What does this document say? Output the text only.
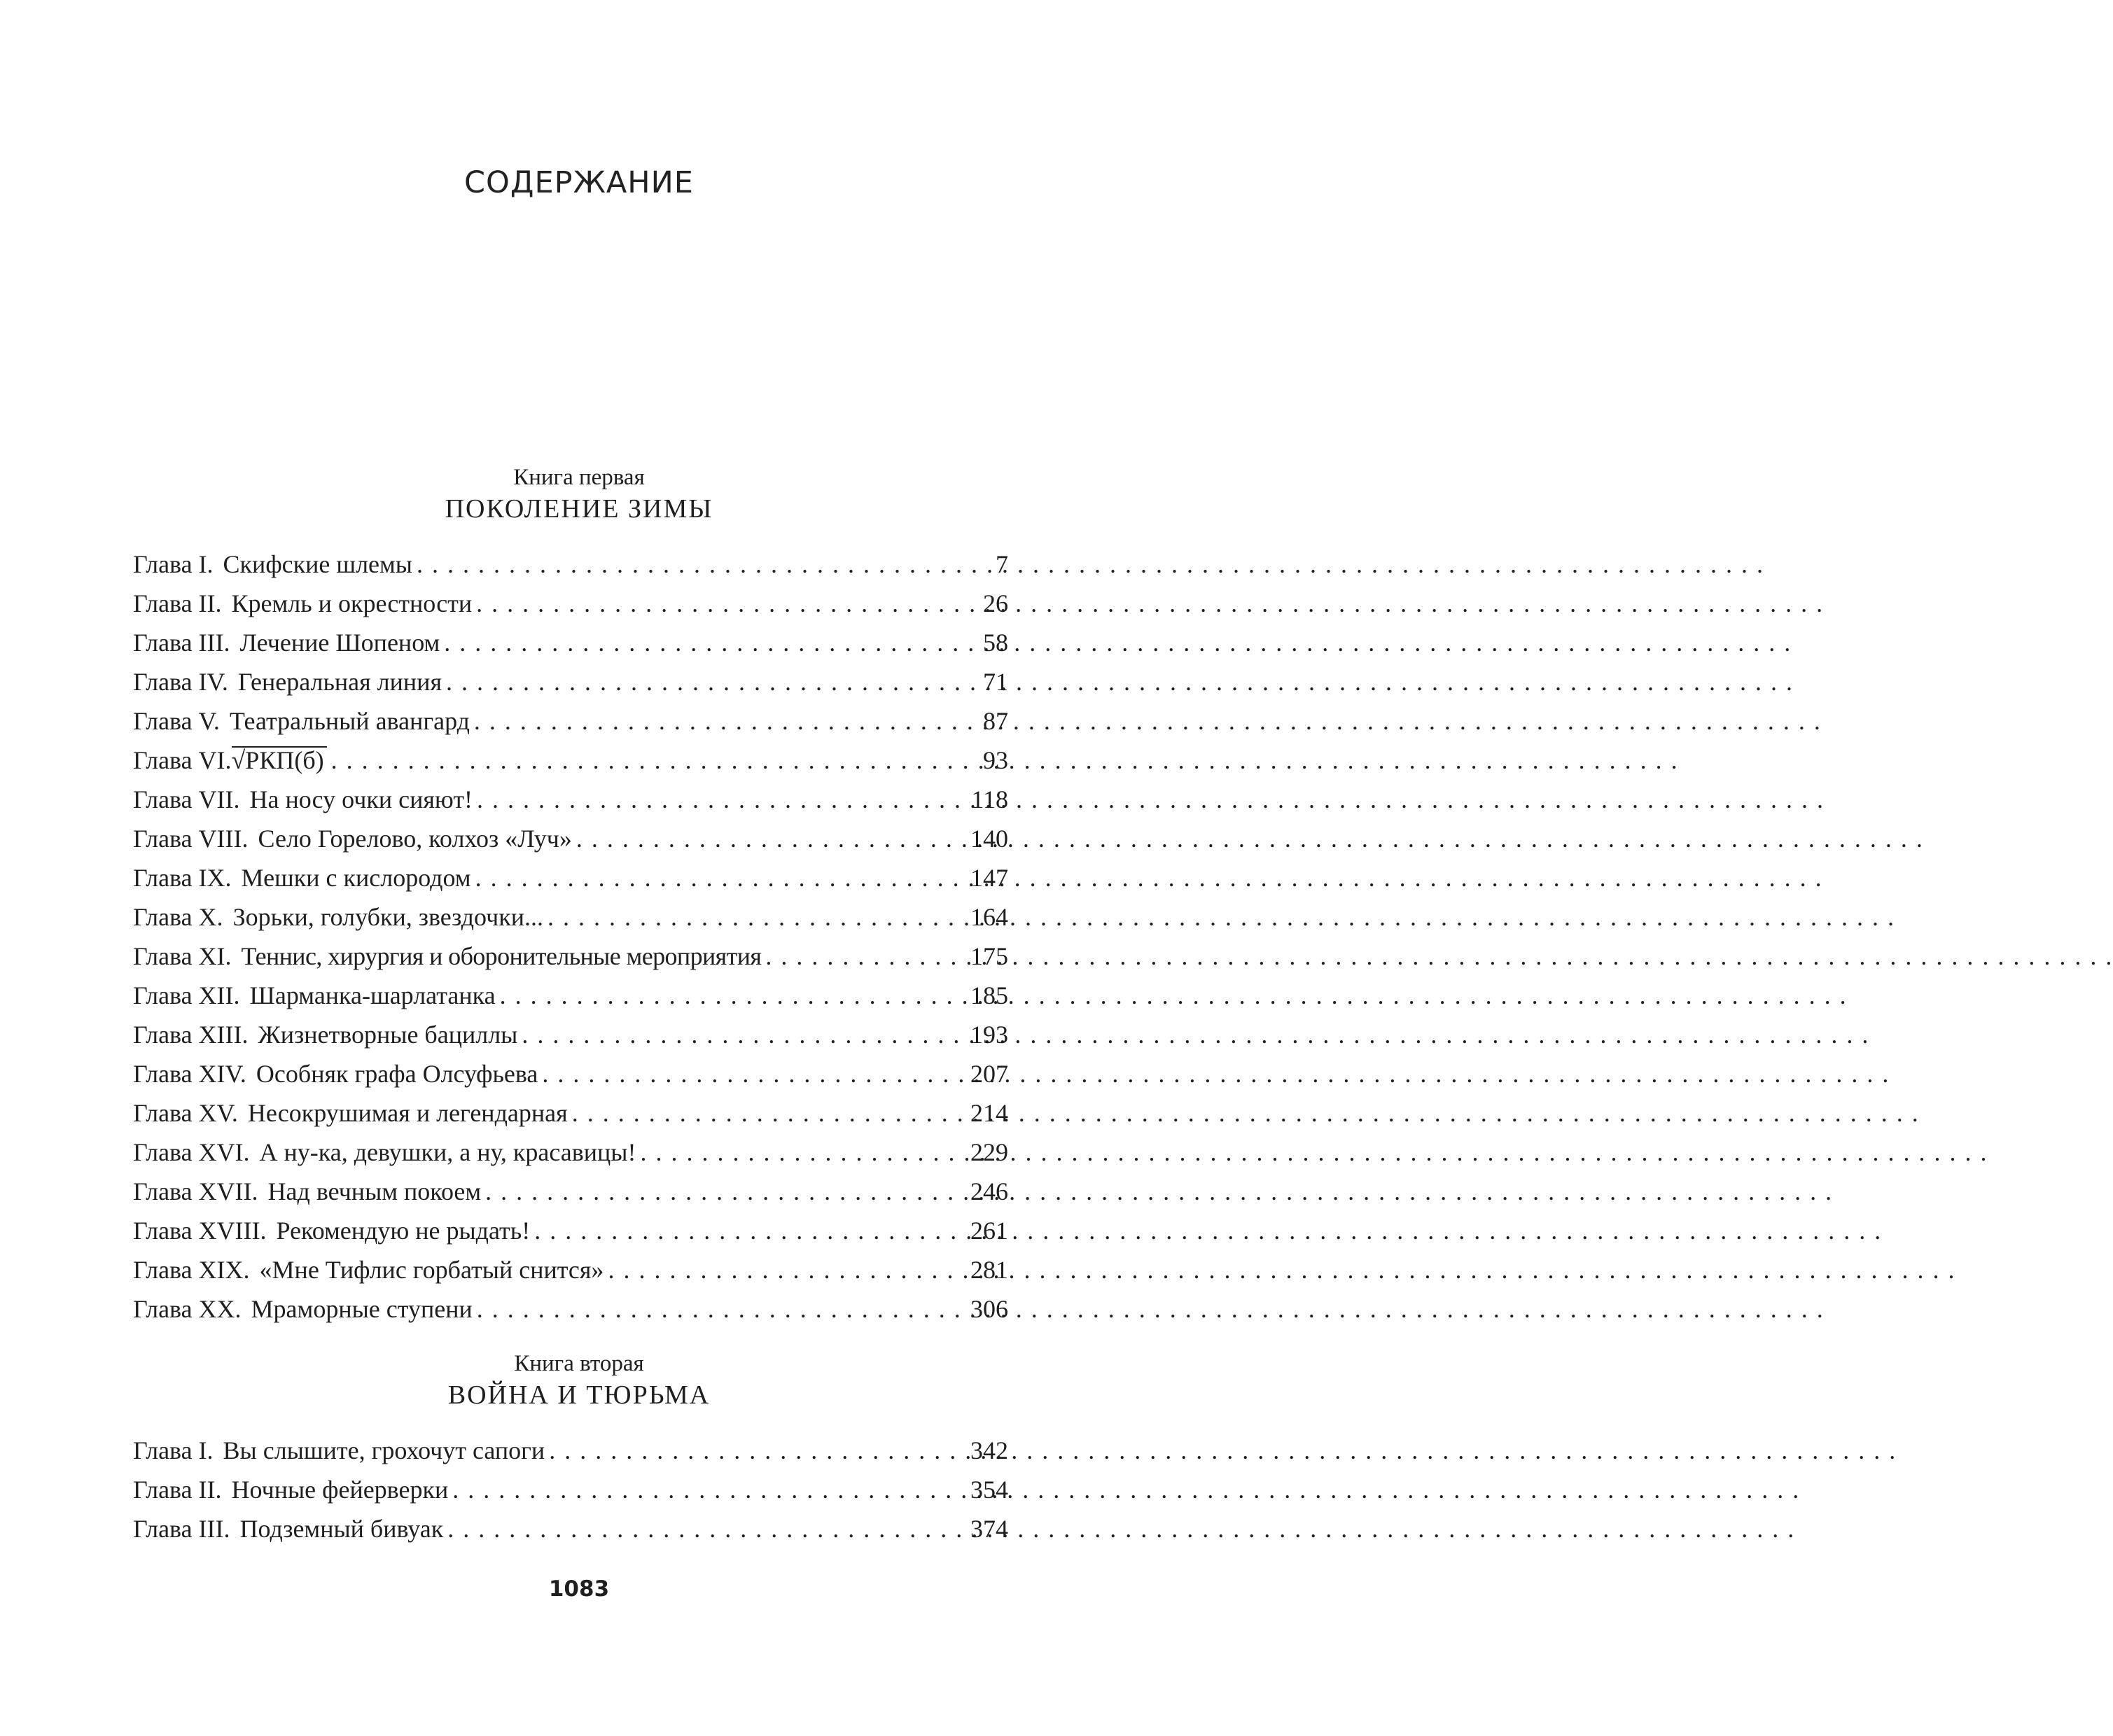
СОДЕРЖАНИЕ
Книга первая
ПОКОЛЕНИЕ ЗИМЫ
Глава I. Скифские шлемы . . .	7
Глава II. Кремль и окрестности . . .	26
Глава III. Лечение Шопеном . . .	58
Глава IV. Генеральная линия . . .	71
Глава V. Театральный авангард . . .	87
Глава VI. √РКП(б) . . .	93
Глава VII. На носу очки сияют! . . .	118
Глава VIII. Село Горелово, колхоз «Луч» . . .	140
Глава IX. Мешки с кислородом . . .	147
Глава X. Зорьки, голубки, звездочки... . . .	164
Глава XI. Теннис, хирургия и оборонительные мероприятия . . .	175
Глава XII. Шарманка-шарлатанка . . .	185
Глава XIII. Жизнетворные бациллы . . .	193
Глава XIV. Особняк графа Олсуфьева . . .	207
Глава XV. Несокрушимая и легендарная . . .	214
Глава XVI. А ну-ка, девушки, а ну, красавицы! . . .	229
Глава XVII. Над вечным покоем . . .	246
Глава XVIII. Рекомендую не рыдать! . . .	261
Глава XIX. «Мне Тифлис горбатый снится» . . .	281
Глава XX. Мраморные ступени . . .	306
Книга вторая
ВОЙНА И ТЮРЬМА
Глава I. Вы слышите, грохочут сапоги . . .	342
Глава II. Ночные фейерверки . . .	354
Глава III. Подземный бивуак . . .	374
1083
